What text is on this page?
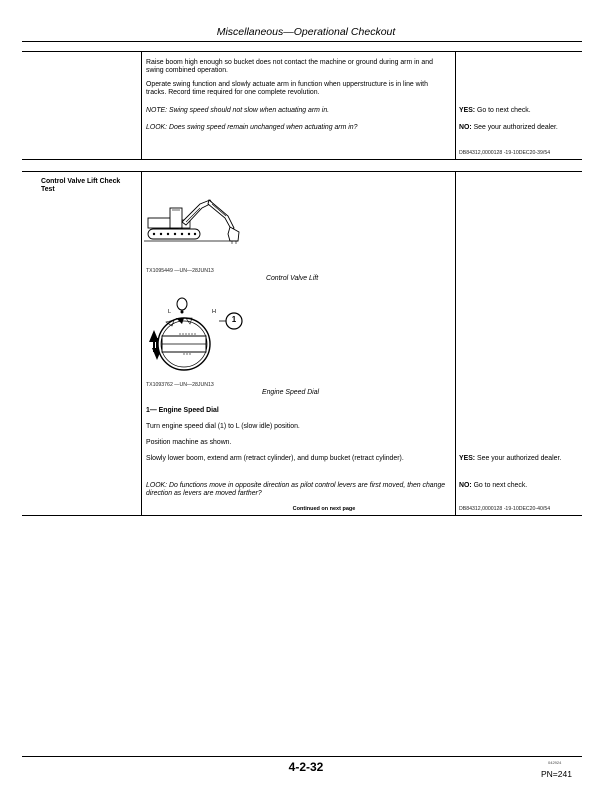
Miscellaneous—Operational Checkout
Raise boom high enough so bucket does not contact the machine or ground during arm in and swing combined operation.
Operate swing function and slowly actuate arm in function when upperstructure is in line with tracks. Record time required for one complete revolution.
NOTE: Swing speed should not slow when actuating arm in.
LOOK: Does swing speed remain unchanged when actuating arm in?
YES: Go to next check.
NO: See your authorized dealer.
DB84312,0000128 -19-10DEC20-39/54
Control Valve Lift Check Test
TX1095449 —UN—28JUN13
Control Valve Lift
L	H
1
TX1093762 —UN—28JUN13
Engine Speed Dial
1— Engine Speed Dial
Turn engine speed dial (1) to L (slow idle) position.
Position machine as shown.
Slowly lower boom, extend arm (retract cylinder), and dump bucket (retract cylinder).
LOOK: Do functions move in opposite direction as pilot control levers are first moved, then change direction as levers are moved farther?
YES: See your authorized dealer.
NO: Go to next check.
Continued on next page	DB84312,0000128 -19-10DEC20-40/54
4-2-32	042924
PN=241
